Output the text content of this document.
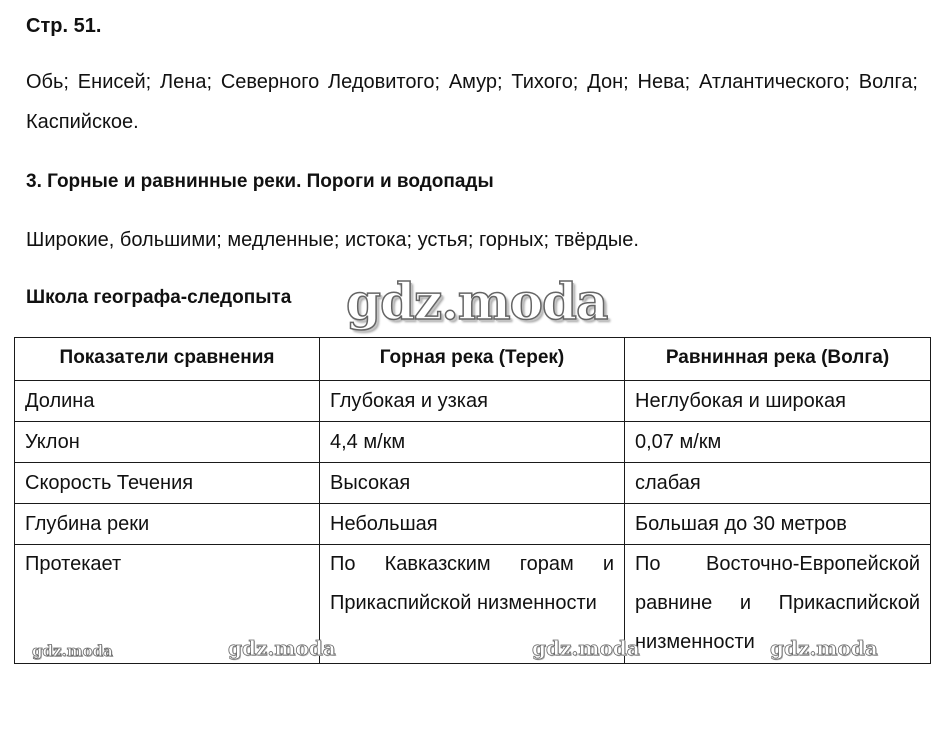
Стр. 51.
Обь; Енисей; Лена; Северного Ледовитого; Амур; Тихого; Дон; Нева; Атлантического; Волга; Каспийское.
3. Горные и равнинные реки. Пороги и водопады
Широкие, большими; медленные; истока; устья; горных; твёрдые.
Школа географа-следопыта gdz.moda
Показатели сравнения	Горная река (Терек)	Равнинная река (Волга)
Долина	Глубокая и узкая	Неглубокая и широкая
Уклон	4,4 м/км	0,07 м/км
Скорость Течения	Высокая	слабая
Глубина реки	Небольшая	Большая до 30 метров
Протекает	По Кавказским горам и Прикаспийской низменности	По Восточно-Европейской равнине и Прикаспийской низменности
gdz.moda	gdz.moda	gdz.moda	gdz.moda
